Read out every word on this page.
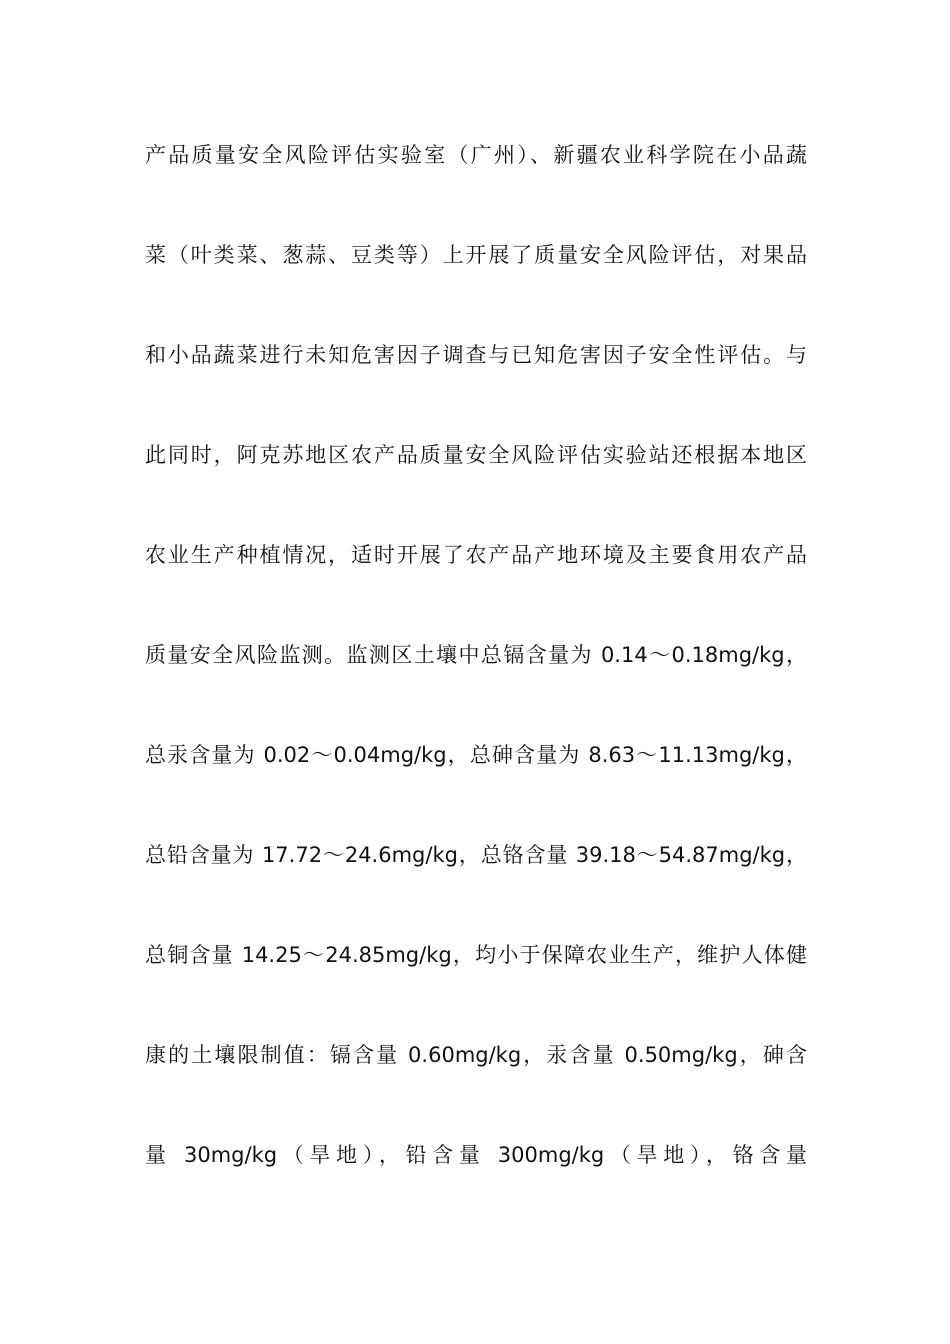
产品质量安全风险评估实验室（广州）、新疆农业科学院在小品蔬
菜（叶类菜、葱蒜、豆类等）上开展了质量安全风险评估，对果品
和小品蔬菜进行未知危害因子调查与已知危害因子安全性评估。与
此同时，阿克苏地区农产品质量安全风险评估实验站还根据本地区
农业生产种植情况，适时开展了农产品产地环境及主要食用农产品
质量安全风险监测。监测区土壤中总镉含量为 0.14～0.18mg/kg，
总汞含量为 0.02～0.04mg/kg，总砷含量为 8.63～11.13mg/kg，
总铅含量为 17.72～24.6mg/kg，总铬含量 39.18～54.87mg/kg，
总铜含量 14.25～24.85mg/kg，均小于保障农业生产，维护人体健
康的土壤限制值：镉含量 0.60mg/kg，汞含量 0.50mg/kg，砷含
量 30mg/kg（旱地），铅含量 300mg/kg（旱地），铬含量
